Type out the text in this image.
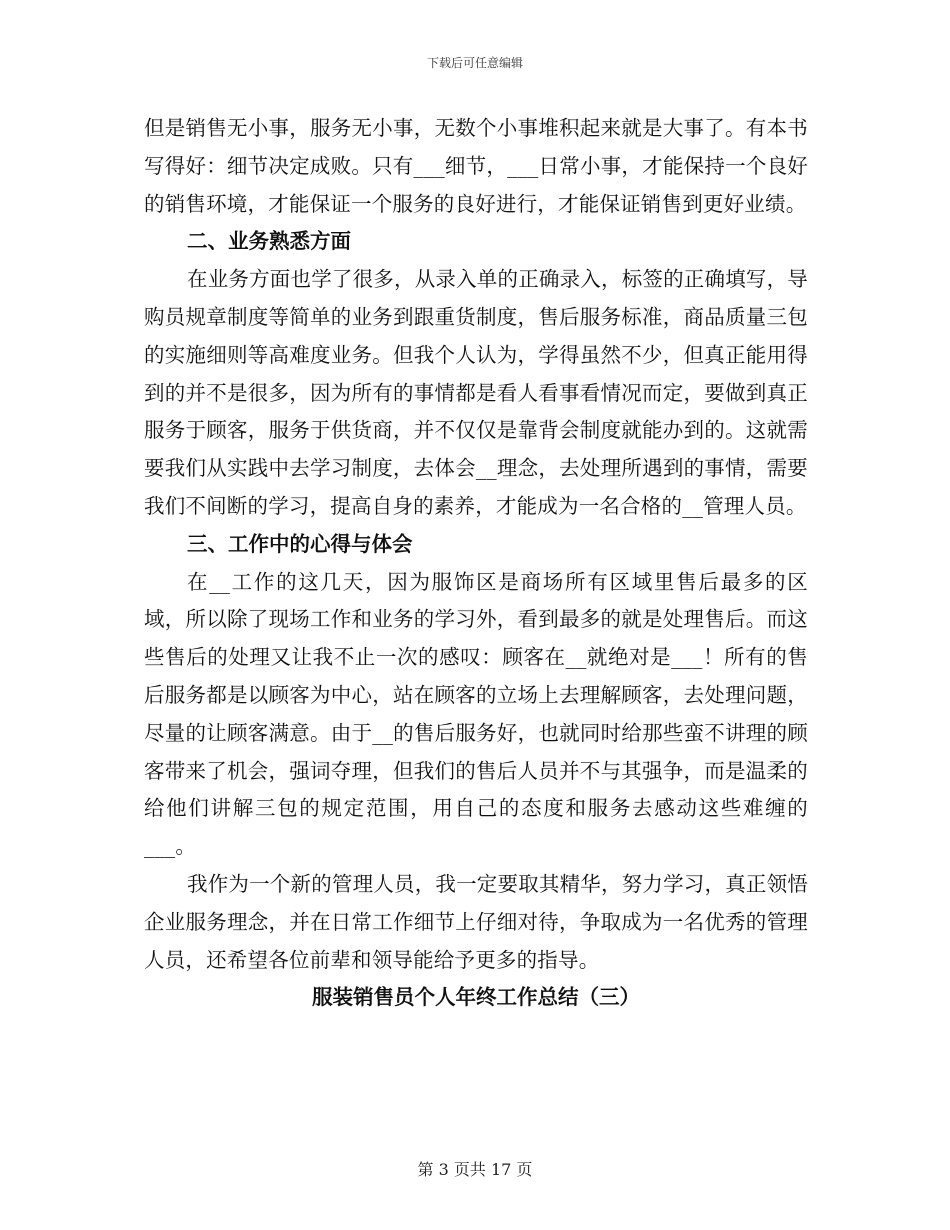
下载后可任意编辑

但是销售无小事，服务无小事，无数个小事堆积起来就是大事了。有本书写得好：细节决定成败。只有___细节，___日常小事，才能保持一个良好的销售环境，才能保证一个服务的良好进行，才能保证销售到更好业绩。

二、业务熟悉方面

在业务方面也学了很多，从录入单的正确录入，标签的正确填写，导购员规章制度等简单的业务到跟重货制度，售后服务标准，商品质量三包的实施细则等高难度业务。但我个人认为，学得虽然不少，但真正能用得到的并不是很多，因为所有的事情都是看人看事看情况而定，要做到真正服务于顾客，服务于供货商，并不仅仅是靠背会制度就能办到的。这就需要我们从实践中去学习制度，去体会__理念，去处理所遇到的事情，需要我们不间断的学习，提高自身的素养，才能成为一名合格的__管理人员。

三、工作中的心得与体会

在__工作的这几天，因为服饰区是商场所有区域里售后最多的区域，所以除了现场工作和业务的学习外，看到最多的就是处理售后。而这些售后的处理又让我不止一次的感叹：顾客在__就绝对是___！所有的售后服务都是以顾客为中心，站在顾客的立场上去理解顾客，去处理问题，尽量的让顾客满意。由于__的售后服务好，也就同时给那些蛮不讲理的顾客带来了机会，强词夺理，但我们的售后人员并不与其强争，而是温柔的给他们讲解三包的规定范围，用自己的态度和服务去感动这些难缠的___。

我作为一个新的管理人员，我一定要取其精华，努力学习，真正领悟企业服务理念，并在日常工作细节上仔细对待，争取成为一名优秀的管理人员，还希望各位前辈和领导能给予更多的指导。

服装销售员个人年终工作总结（三）

第 3 页共 17 页
